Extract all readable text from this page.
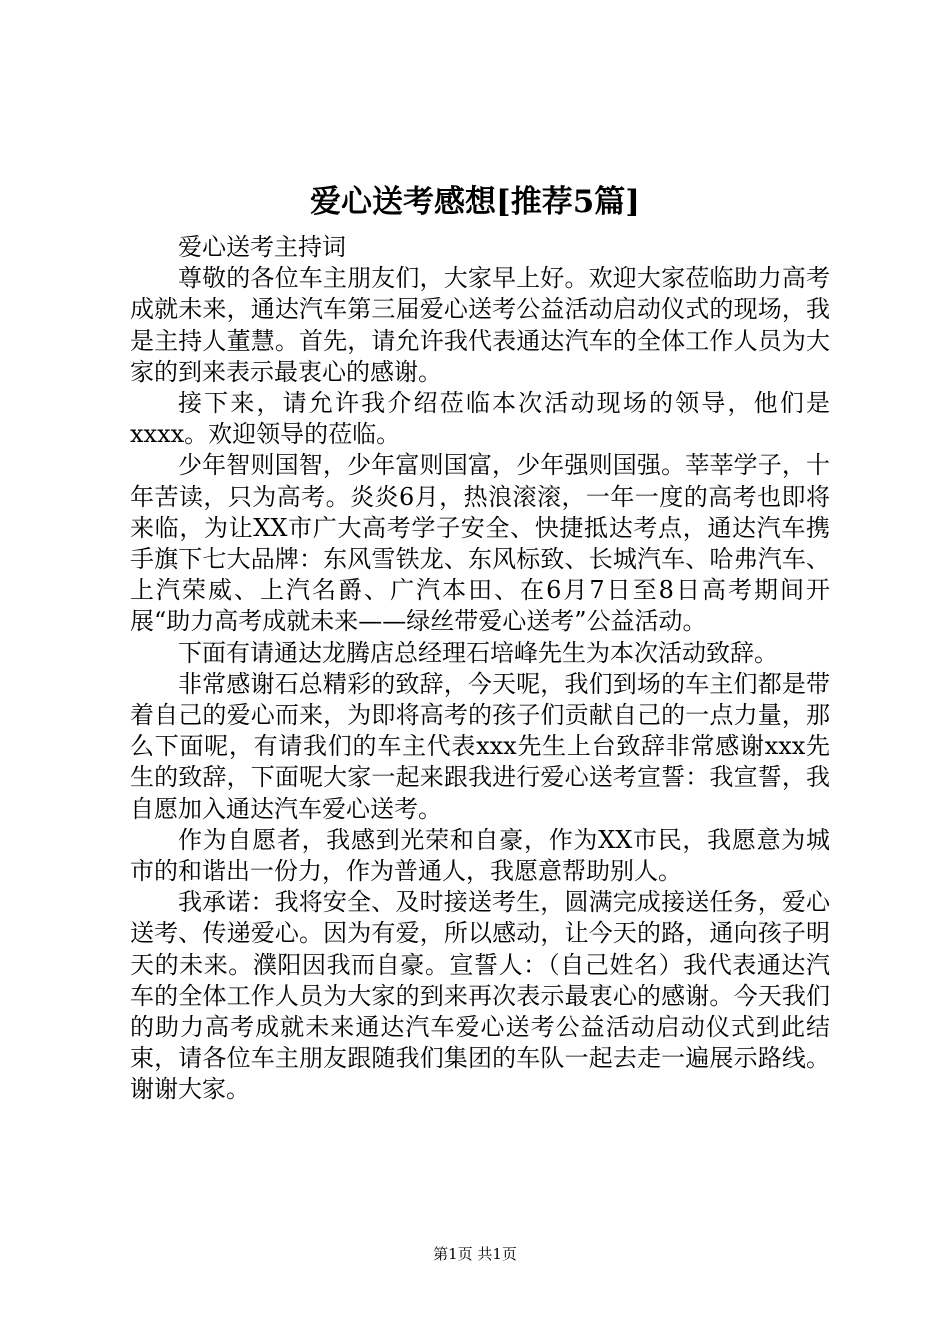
爱心送考感想[推荐5篇]

爱心送考主持词

尊敬的各位车主朋友们，大家早上好。欢迎大家莅临助力高考成就未来，通达汽车第三届爱心送考公益活动启动仪式的现场，我是主持人董慧。首先，请允许我代表通达汽车的全体工作人员为大家的到来表示最衷心的感谢。

接下来，请允许我介绍莅临本次活动现场的领导，他们是xxxx。欢迎领导的莅临。

少年智则国智，少年富则国富，少年强则国强。莘莘学子，十年苦读，只为高考。炎炎6月，热浪滚滚，一年一度的高考也即将来临，为让XX市广大高考学子安全、快捷抵达考点，通达汽车携手旗下七大品牌：东风雪铁龙、东风标致、长城汽车、哈弗汽车、上汽荣威、上汽名爵、广汽本田、在6月7日至8日高考期间开展“助力高考成就未来——绿丝带爱心送考”公益活动。

下面有请通达龙腾店总经理石培峰先生为本次活动致辞。

非常感谢石总精彩的致辞，今天呢，我们到场的车主们都是带着自己的爱心而来，为即将高考的孩子们贡献自己的一点力量，那么下面呢，有请我们的车主代表xxx先生上台致辞非常感谢xxx先生的致辞，下面呢大家一起来跟我进行爱心送考宣誓：我宣誓，我自愿加入通达汽车爱心送考。

作为自愿者，我感到光荣和自豪，作为XX市民，我愿意为城市的和谐出一份力，作为普通人，我愿意帮助别人。

我承诺：我将安全、及时接送考生，圆满完成接送任务，爱心送考、传递爱心。因为有爱，所以感动，让今天的路，通向孩子明天的未来。濮阳因我而自豪。宣誓人：（自己姓名）我代表通达汽车的全体工作人员为大家的到来再次表示最衷心的感谢。今天我们的助力高考成就未来通达汽车爱心送考公益活动启动仪式到此结束，请各位车主朋友跟随我们集团的车队一起去走一遍展示路线。谢谢大家。

第1页 共1页
